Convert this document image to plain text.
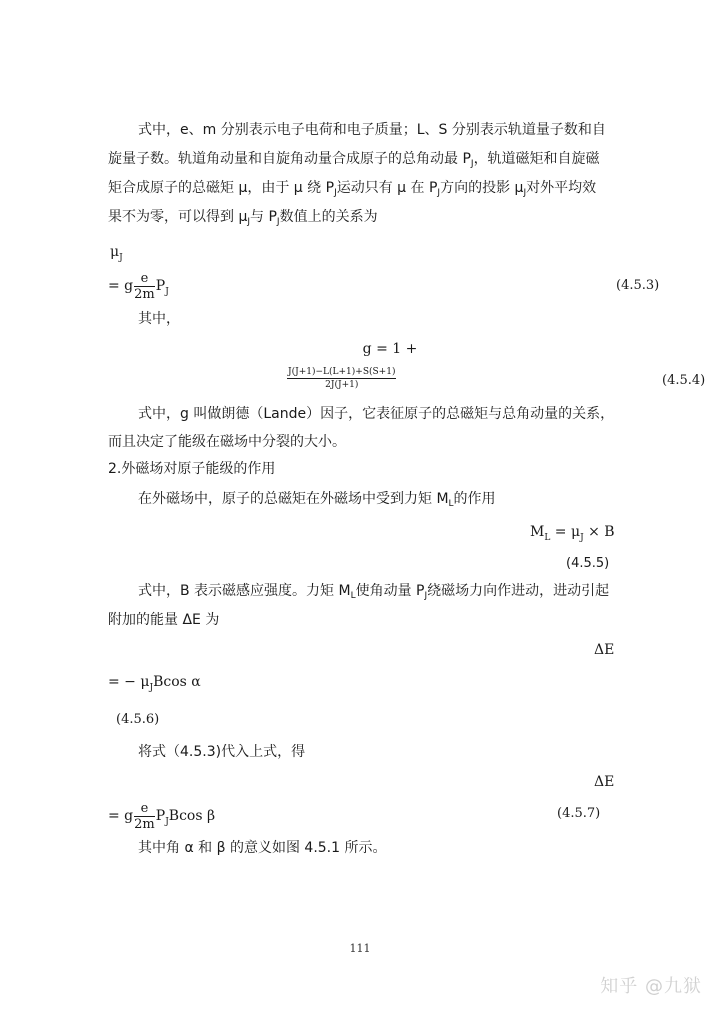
式中，e、m 分别表示电子电荷和电子质量；L、S 分别表示轨道量子数和自
旋量子数。轨道角动量和自旋角动量合成原子的总角动最 $P_J$，轨道磁矩和自旋磁
矩合成原子的总磁矩 μ，由于 μ 绕 $P_J$运动只有 μ 在 $P_J$方向的投影 $\mu_J$对外平均效
果不为零，可以得到 $\mu_J$与 $P_J$数值上的关系为
$\mu_J$
= g $\frac{e}{2m} P_J$	(4.5.3)
其中，
g = 1 +
$\frac{J(J+1)-L(L+1)+S(S+1)}{2J(J+1)}$	(4.5.4)
式中，g 叫做朗德（Lande）因子，它表征原子的总磁矩与总角动量的关系，
而且决定了能级在磁场中分裂的大小。
2.外磁场对原子能级的作用
在外磁场中，原子的总磁矩在外磁场中受到力矩 $M_L$的作用
$M_L = \mu_J \times B$
(4.5.5)
式中，B 表示磁感应强度。力矩 $M_L$使角动量 $P_J$绕磁场力向作进动，进动引起
附加的能量 ΔE 为
ΔE
= − $\mu_JBcos$ α
(4.5.6)
将式（4.5.3)代入上式，得
ΔE
= g $\frac{e}{2m} P_JBcos$ β	(4.5.7)
其中角 α 和 β 的意义如图 4.5.1 所示。
111
知乎 @九狱
